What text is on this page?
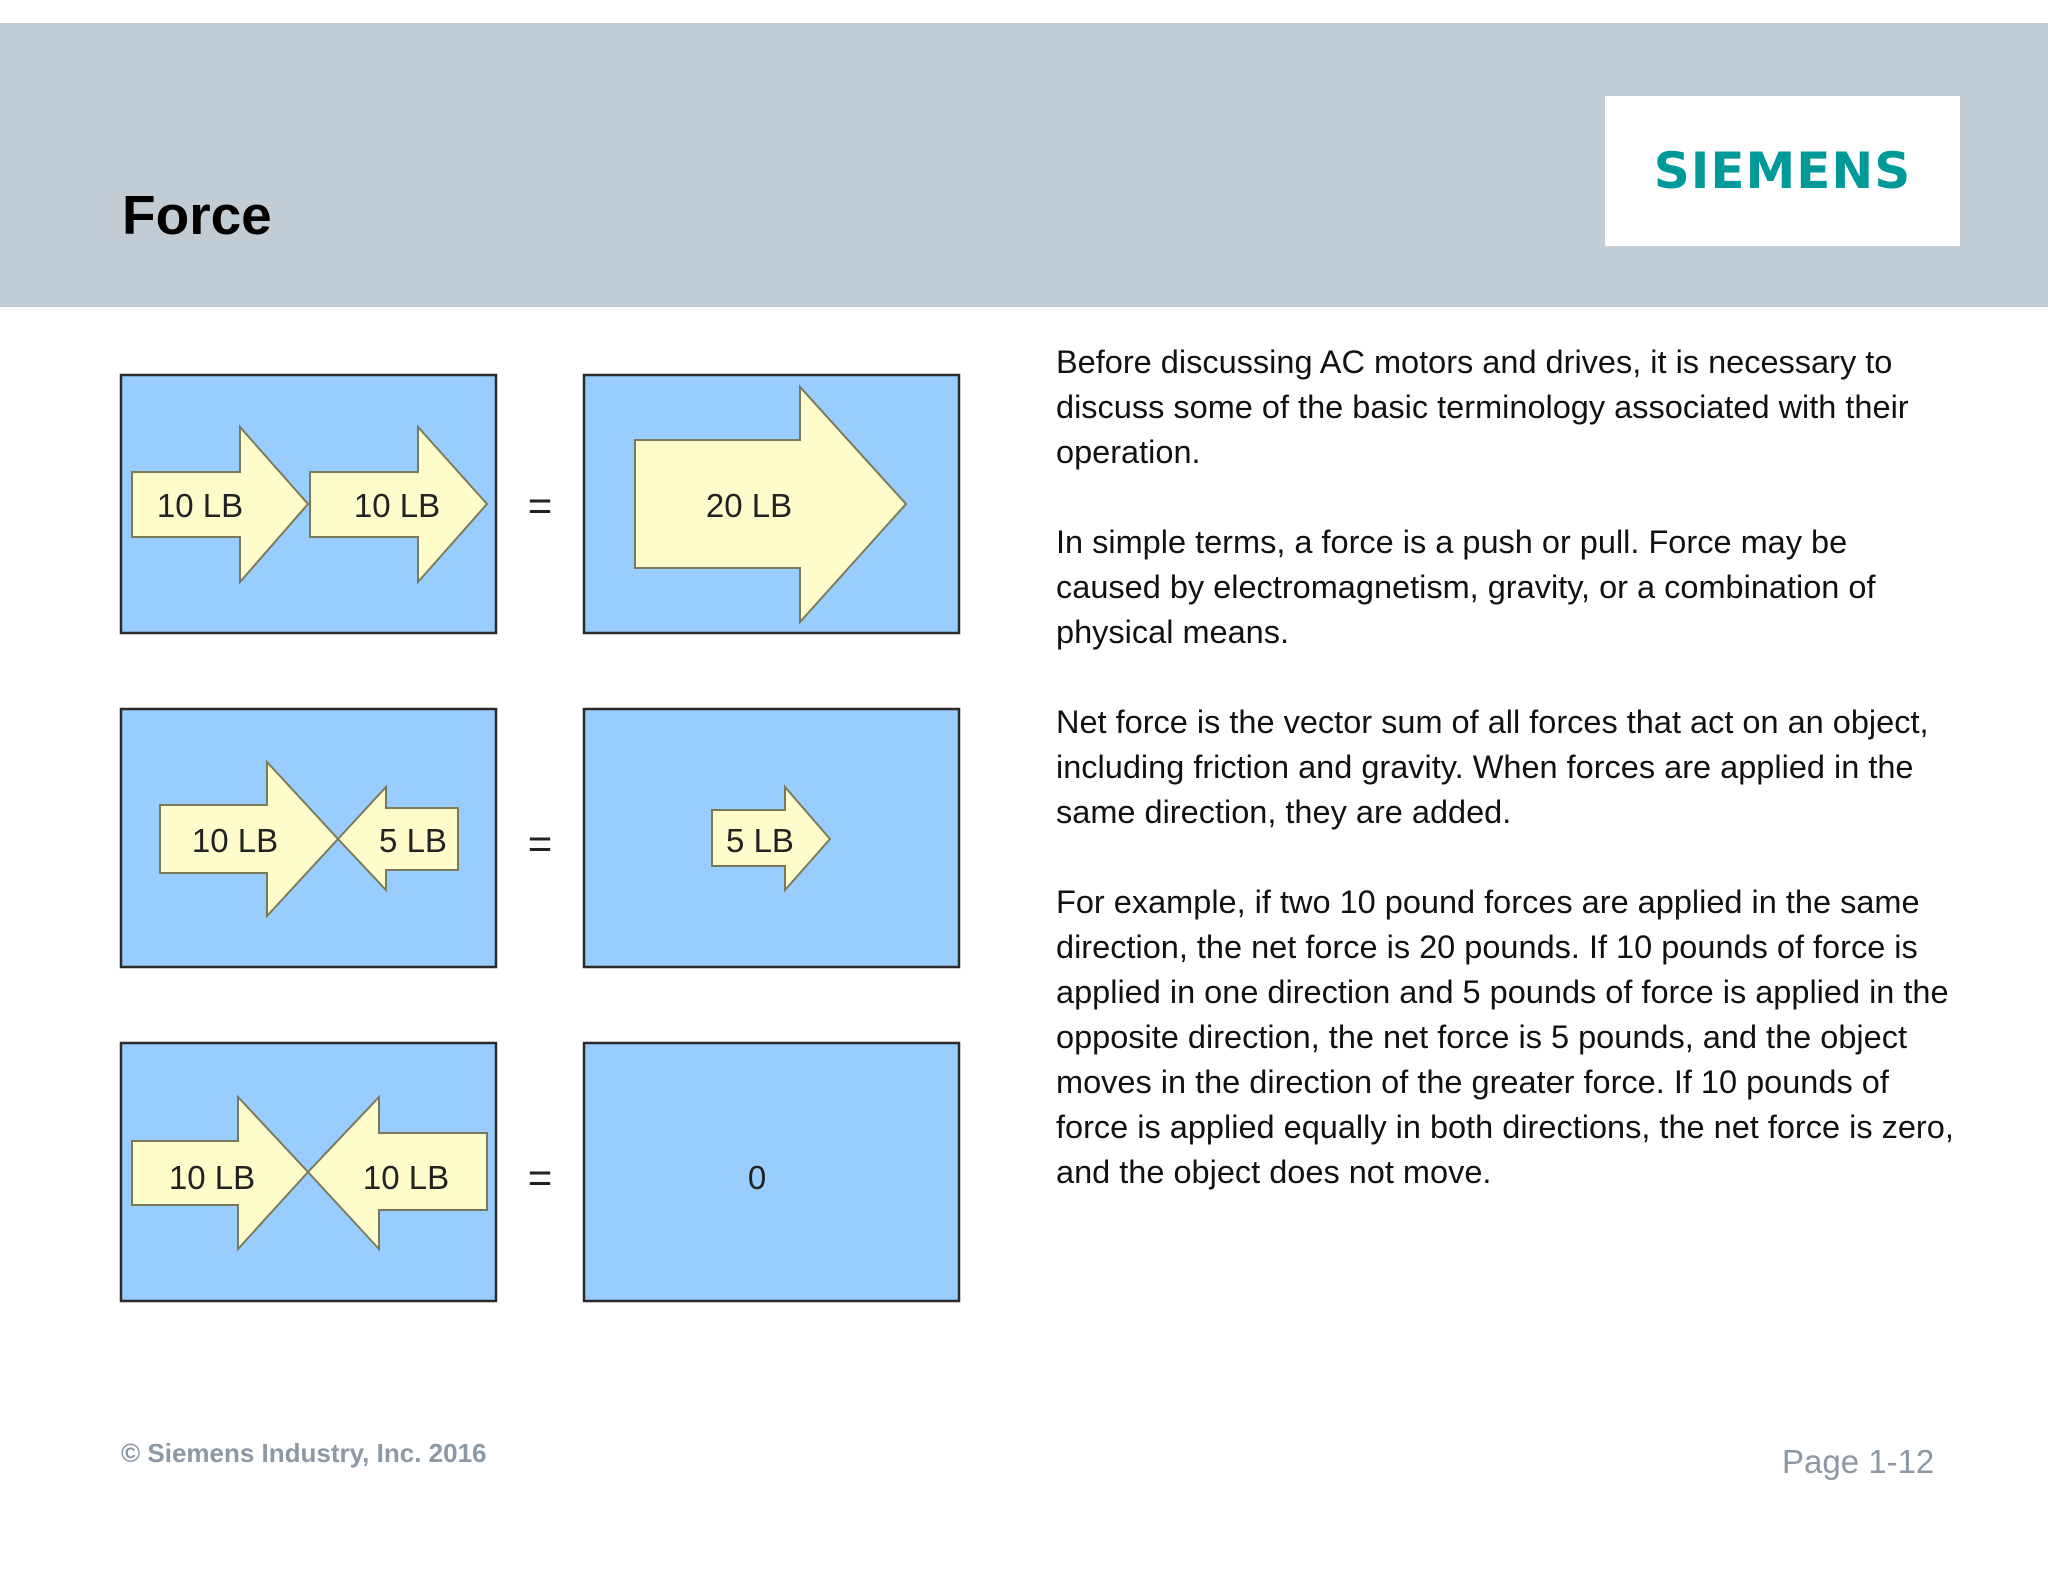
Force
SIEMENS
10 LB	10 LB =	20 LB
10 LB	5 LB =	5 LB
10 LB	10 LB =	0

Before discussing AC motors and drives, it is necessary to discuss some of the basic terminology associated with their operation.

In simple terms, a force is a push or pull. Force may be caused by electromagnetism, gravity, or a combination of physical means.

Net force is the vector sum of all forces that act on an object, including friction and gravity. When forces are applied in the same direction, they are added.

For example, if two 10 pound forces are applied in the same direction, the net force is 20 pounds. If 10 pounds of force is applied in one direction and 5 pounds of force is applied in the opposite direction, the net force is 5 pounds, and the object moves in the direction of the greater force. If 10 pounds of force is applied equally in both directions, the net force is zero, and the object does not move.

© Siemens Industry, Inc. 2016	Page 1-12
